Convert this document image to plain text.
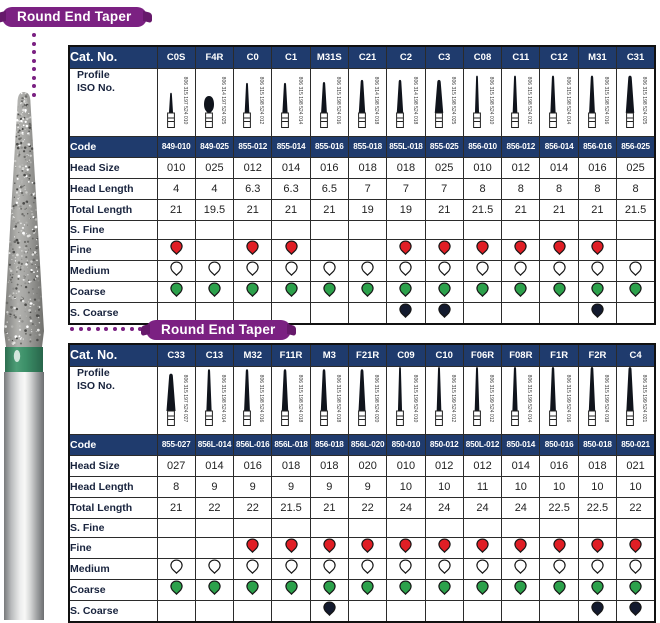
Round End Taper
Round End Taper
Cat. No.	C0S	F4R	C0	C1	M31S	C21	C2	C3	C08	C11	C12	M31	C31

Profile
ISO No.	806 315 197 524 010	806 314 197 524 025	806 315 198 524 012	806 315 198 524 014	806 315 198 524 016	806 314 198 524 018	806 314 198 524 018	806 315 198 524 025	806 315 198 524 010	806 315 198 524 012	806 315 198 524 014	806 315 198 524 016	806 315 198 524 025

Code	849-010	849-025	855-012	855-014	855-016	855-018	855L-018	855-025	856-010	856-012	856-014	856-016	856-025
Head Size	010	025	012	014	016	018	018	025	010	012	014	016	025
Head Length	4	4	6.3	6.3	6.5	7	7	7	8	8	8	8	8
Total Length	21	19.5	21	21	21	19	19	21	21.5	21	21	21	21.5
S. Fine													
Fine													
Medium													
Coarse													
S. Coarse													
Cat. No.	C33	C13	M32	F11R	M3	F21R	C09	C10	F06R	F08R	F1R	F2R	C4

Profile
ISO No.	806 315 197 524 027	806 315 198 524 014	806 315 198 524 016	806 315 198 524 018	806 315 198 524 018	806 315 198 524 020	806 315 199 524 010	806 315 199 524 012	806 315 199 524 012	806 315 199 524 014	806 315 199 524 016	806 315 199 524 018	806 315 199 524 021

Code	855-027	856L-014	856L-016	856L-018	856-018	856L-020	850-010	850-012	850L-012	850-014	850-016	850-018	850-021
Head Size	027	014	016	018	018	020	010	012	012	014	016	018	021
Head Length	8	9	9	9	9	9	10	10	11	10	10	10	10
Total Length	21	22	22	21.5	21	22	24	24	24	24	22.5	22.5	22
S. Fine													
Fine													
Medium													
Coarse													
S. Coarse													
